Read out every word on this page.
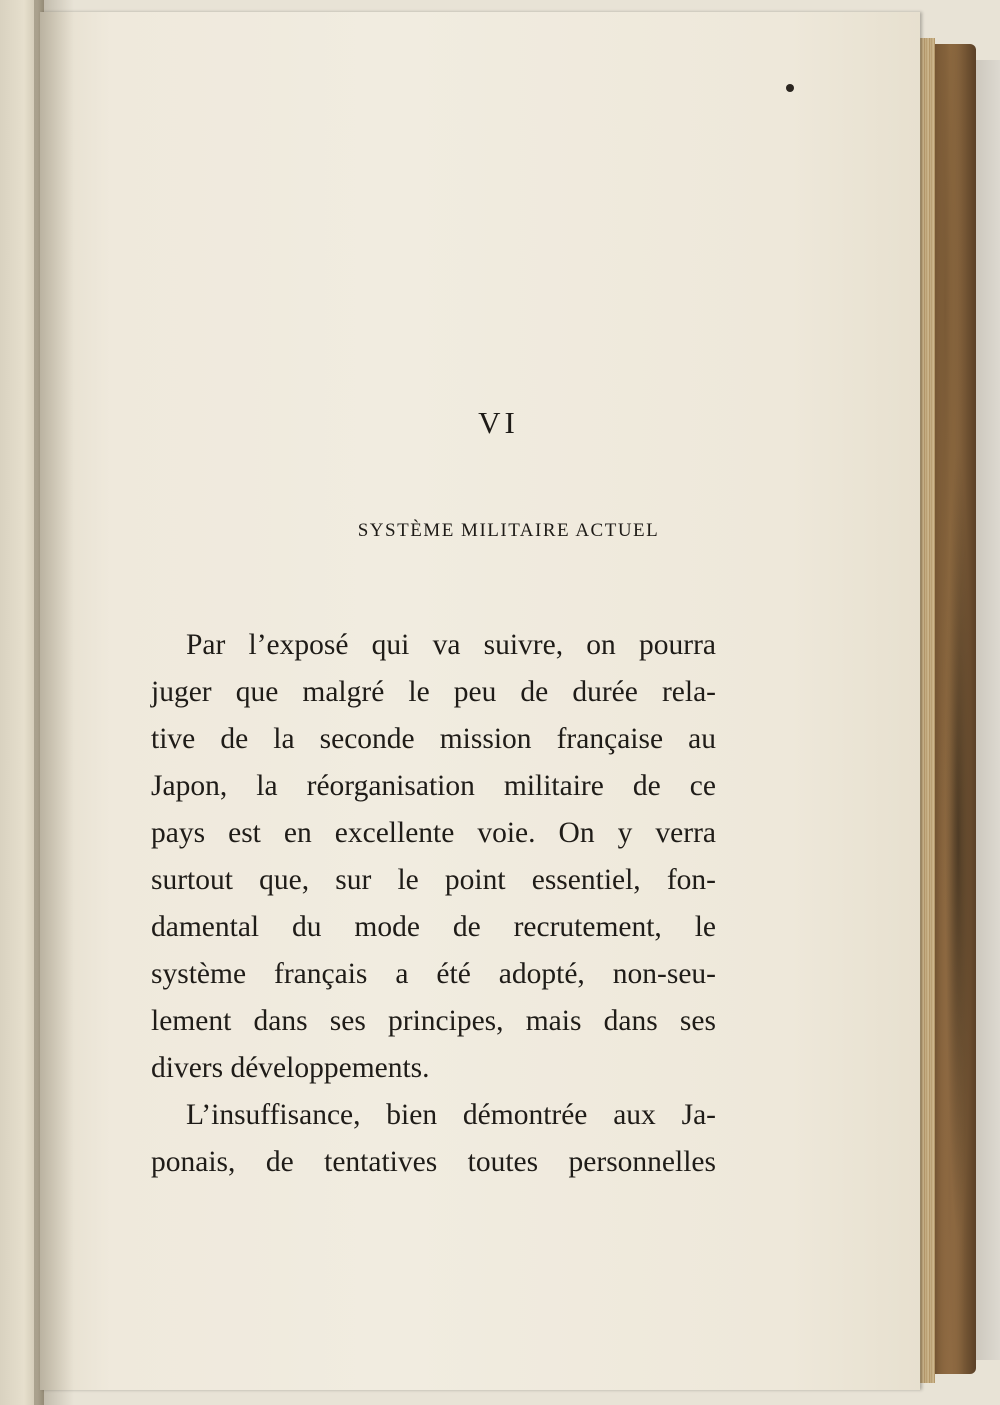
VI
SYSTÈME MILITAIRE ACTUEL
Par l’exposé qui va suivre, on pourra
juger que malgré le peu de durée rela-
tive de la seconde mission française au
Japon, la réorganisation militaire de ce
pays est en excellente voie. On y verra
surtout que, sur le point essentiel, fon-
damental du mode de recrutement, le
système français a été adopté, non-seu-
lement dans ses principes, mais dans ses
divers développements.
L’insuffisance, bien démontrée aux Ja-
ponais, de tentatives toutes personnelles
